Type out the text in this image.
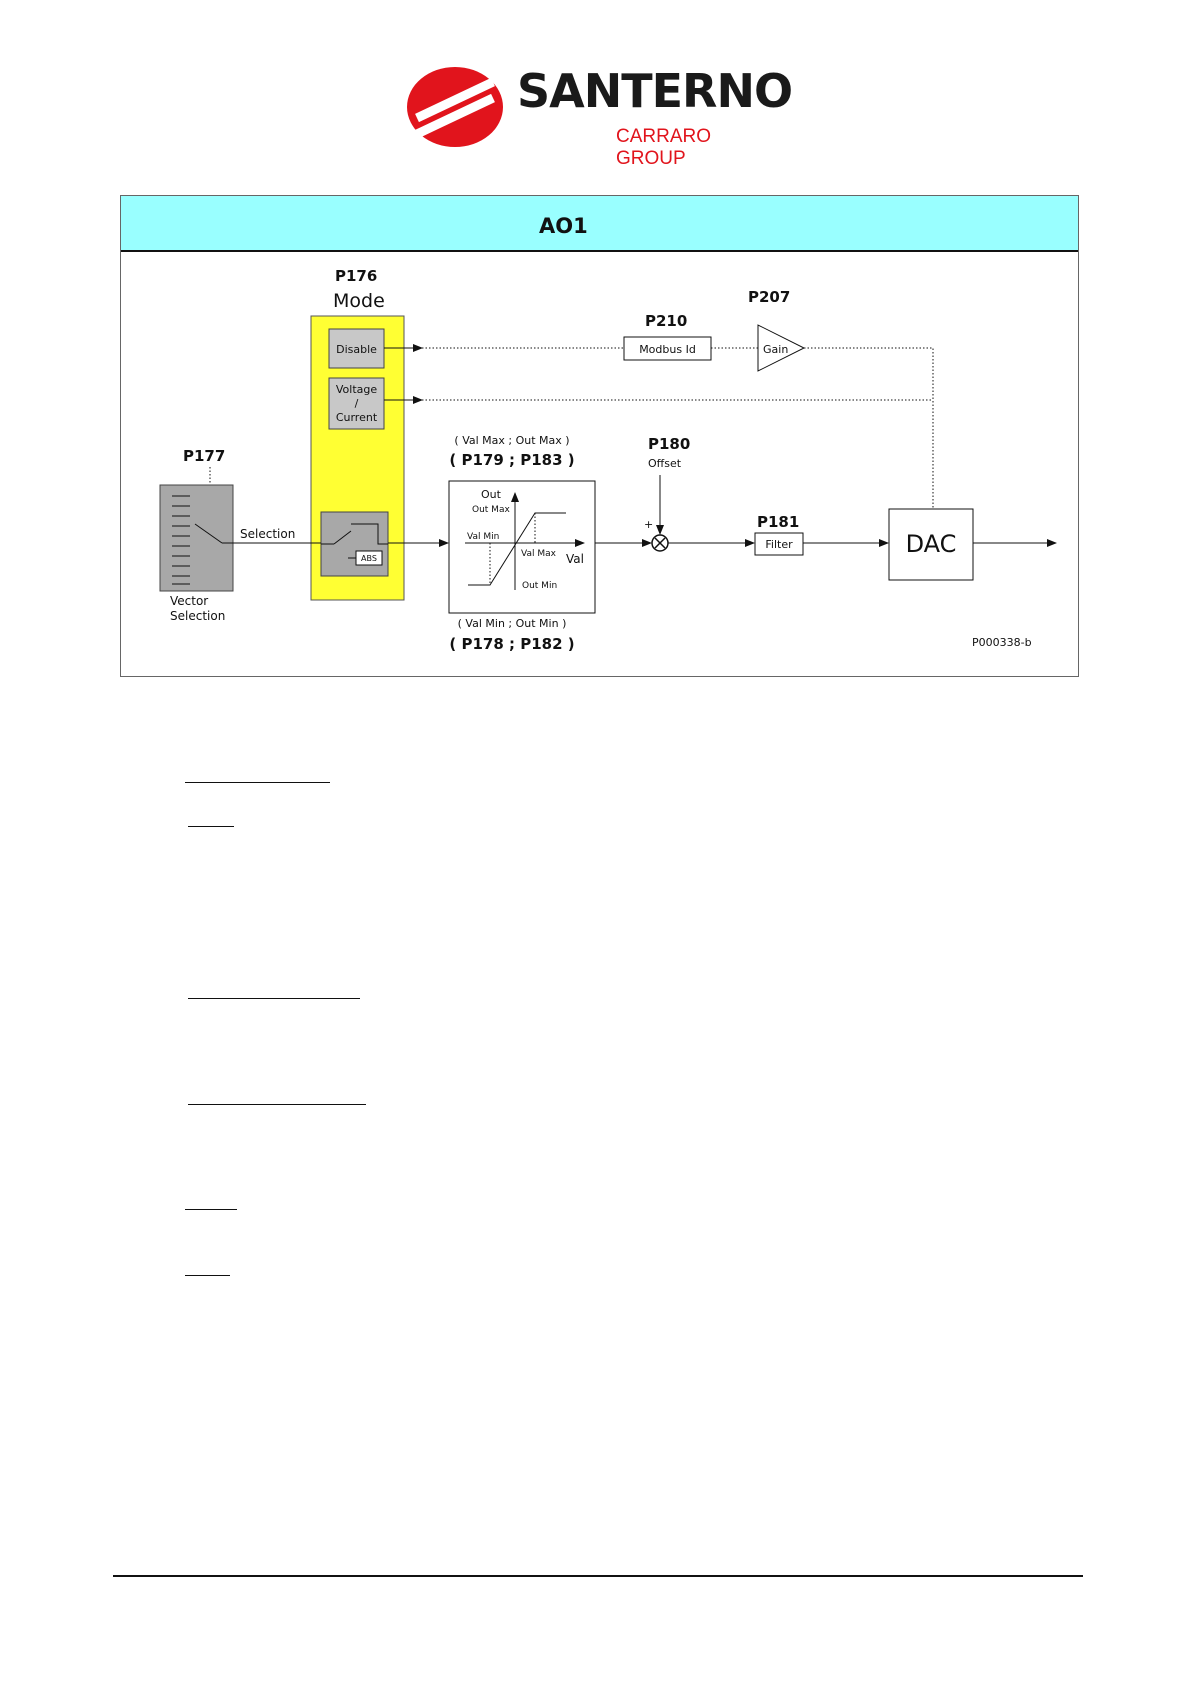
SANTERNO
CARRARO GROUP
AO1
P176
Mode
Disable
Voltage
/
Current
ABS
P210
Modbus Id
P207
Gain
P177
Selection
Vector
Selection
( Val Max ; Out Max )
( P179 ; P183 )
Out
Out Max
Val Min
Val Max Val
Out Min
( Val Min ; Out Min )
( P178 ; P182 )
P180
Offset
+	P181
Filter	DAC
P000338-b
